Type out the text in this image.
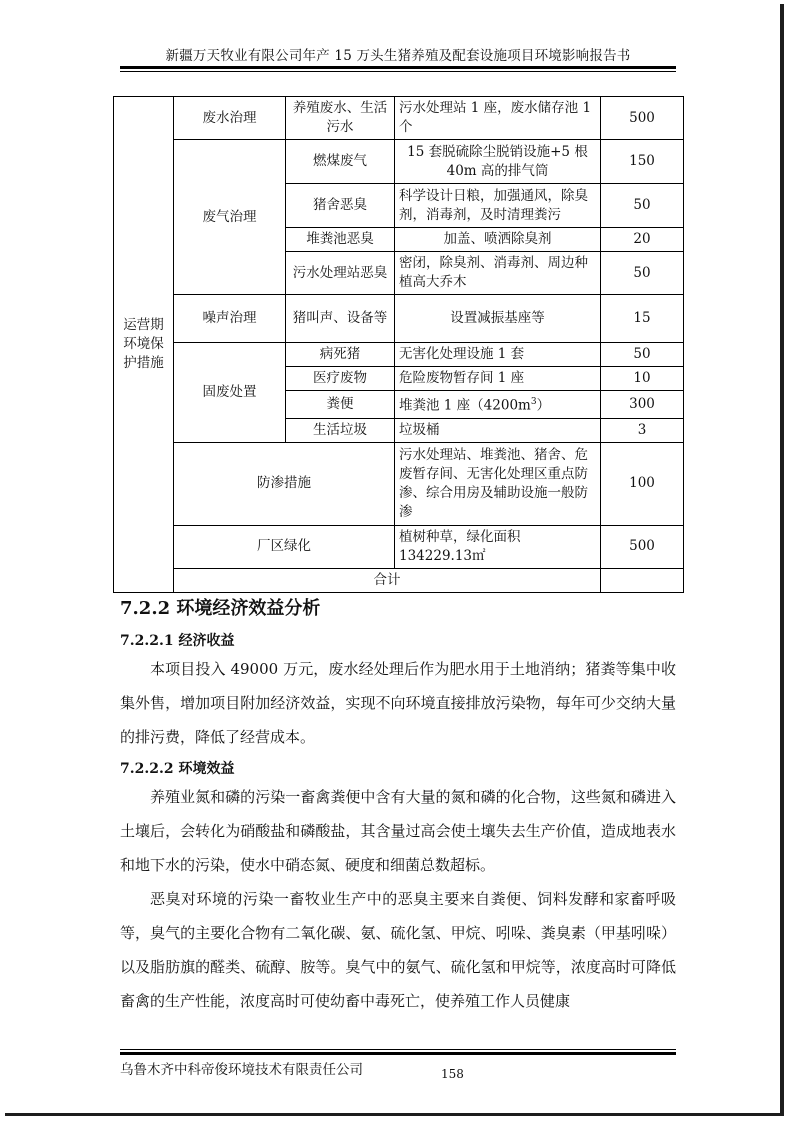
新疆万天牧业有限公司年产 15 万头生猪养殖及配套设施项目环境影响报告书
运营期环境保护措施	废水治理	养殖废水、生活污水	污水处理站 1 座，废水储存池 1 个	500	
	废气治理	燃煤废气	15 套脱硫除尘脱销设施+5 根 40m 高的排气筒	150	
		猪舍恶臭	科学设计日粮，加强通风，除臭剂，消毒剂，及时清理粪污	50	
		堆粪池恶臭	加盖、喷洒除臭剂	20	
		污水处理站恶臭	密闭，除臭剂、消毒剂、周边种植高大乔木	50	
	噪声治理	猪叫声、设备等	设置减振基座等	15	
	固废处置	病死猪	无害化处理设施 1 套	50	
		医疗废物	危险废物暂存间 1 座	10	
		粪便	堆粪池 1 座$(4200m^3)$	300	
		生活垃圾	垃圾桶	3	
	防渗措施		污水处理站、堆粪池、猪舍、危废暂存间、无害化处理区重点防渗、综合用房及辅助设施一般防渗	100	
	厂区绿化		植树种草，绿化面积 134229.13㎡	500	
	合计		
7.2.2 环境经济效益分析
7.2.2.1 经济收益

本项目投入 49000 万元，废水经处理后作为肥水用于土地消纳；猪粪等集中收集外售，增加项目附加经济效益，实现不向环境直接排放污染物，每年可少交纳大量的排污费，降低了经营成本。

7.2.2.2 环境效益

养殖业氮和磷的污染一畜禽粪便中含有大量的氮和磷的化合物，这些氮和磷进入土壤后，会转化为硝酸盐和磷酸盐，其含量过高会使土壤失去生产价值，造成地表水和地下水的污染，使水中硝态氮、硬度和细菌总数超标。

恶臭对环境的污染一畜牧业生产中的恶臭主要来自粪便、饲料发酵和家畜呼吸等，臭气的主要化合物有二氧化碳、氨、硫化氢、甲烷、吲哚、粪臭素（甲基吲哚）以及脂肪旗的醛类、硫醇、胺等。臭气中的氨气、硫化氢和甲烷等，浓度高时可降低畜禽的生产性能，浓度高时可使幼畜中毒死亡，使养殖工作人员健康

乌鲁木齐中科帝俊环境技术有限责任公司	158
